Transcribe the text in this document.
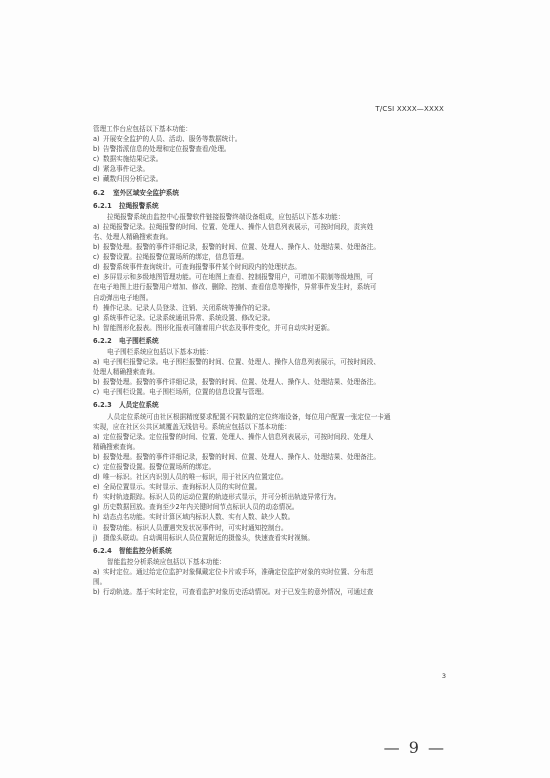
T/CSI XXXX—XXXX

管理工作台应包括以下基本功能：

a) 开展安全监护的人员、活动、服务等数据统计。

b) 告警指派信息的处理和定位报警查看/处理。

c) 数据实施结果记录。

d) 紧急事件记录。

e) 藏数归因分析记录。

6.2 室外区域安全监护系统

6.2.1 拉绳报警系统

拉绳报警系统由监控中心报警软件链接报警终端设备组成，应包括以下基本功能：

a) 拉绳报警记录。拉绳报警的时间、位置、处理人、操作人信息列表展示，可按时间段，责宾姓

名、处理人精确搜索查询。

b) 报警处理。报警的事件详细记录，报警的时间、位置、处理人、操作人、处理结果、处理备注。

c) 报警设置。拉绳报警位置场所的绑定，信息管理。

d) 报警系统事件查询统计。可查询报警事件某个时间段内的处理状态。

e) 多屏显示和多级地图管理功能。可在地图上查看、控制报警用户，可增加不限制等级地图，可

在电子地图上进行报警用户增加、修改、删除、控制、查看信息等操作，异常事件发生时，系统可

自动弹出电子地图。

f) 操作记录。记录人员登录、注销、关闭系统等操作的记录。

g) 系统事件记录。记录系统通讯异常、系统设置、修改记录。

h) 智能图形化报表。图形化报表可随着用户状态及事件变化，并可自动实时更新。

6.2.2 电子围栏系统

电子围栏系统应包括以下基本功能：

a) 电子围栏报警记录。电子围栏报警的时间、位置、处理人、操作人信息列表展示，可按时间段、

处理人精确搜索查询。

b) 报警处理。报警的事件详细记录，报警的时间、位置、处理人、操作人、处理结果、处理备注。

c) 电子围栏设置。电子围栏场所，位置的信息设置与管理。

6.2.3 人员定位系统

人员定位系统可由社区根据精度要求配置不同数量的定位终端设备，每位用户配置一张定位一卡通

实现，应在社区公共区域覆盖无线信号。系统应包括以下基本功能：

a) 定位报警记录。定位报警的时间、位置、处理人、操作人信息列表展示，可按时间段、处理人

精确搜索查询。

b) 报警处理。报警的事件详细记录，报警的时间、位置、处理人、操作人、处理结果、处理备注。

c) 定位报警设置。报警位置场所的绑定。

d) 唯一标识。社区内识别人员的唯一标识，用于社区内位置定位。

e) 全局位置显示。实时显示、查询标识人员的实时位置。

f) 实时轨迹跟踪。标识人员的运动位置的轨迹形式显示，并可分析出轨迹异常行为。

g) 历史数据回放。查询至少2年内关键时间节点标识人员的动态情况。

h) 动态点名功能。实时计算区域内标识人数、实有人数、缺少人数。

i) 报警功能。标识人员遭遇突发状况事件时，可实时通知控制台。

j) 摄像头联动。自动调用标识人员位置附近的摄像头，快速查看实时视频。

6.2.4 智能监控分析系统

智能监控分析系统应包括以下基本功能：

a) 实时定位。通过给定位监护对象佩戴定位卡片或手环，准确定位监护对象的实时位置、分布范

围。

b) 行动轨迹。基于实时定位，可查看监护对象历史活动情况。对于已发生的意外情况，可通过查

3
— 9 —
